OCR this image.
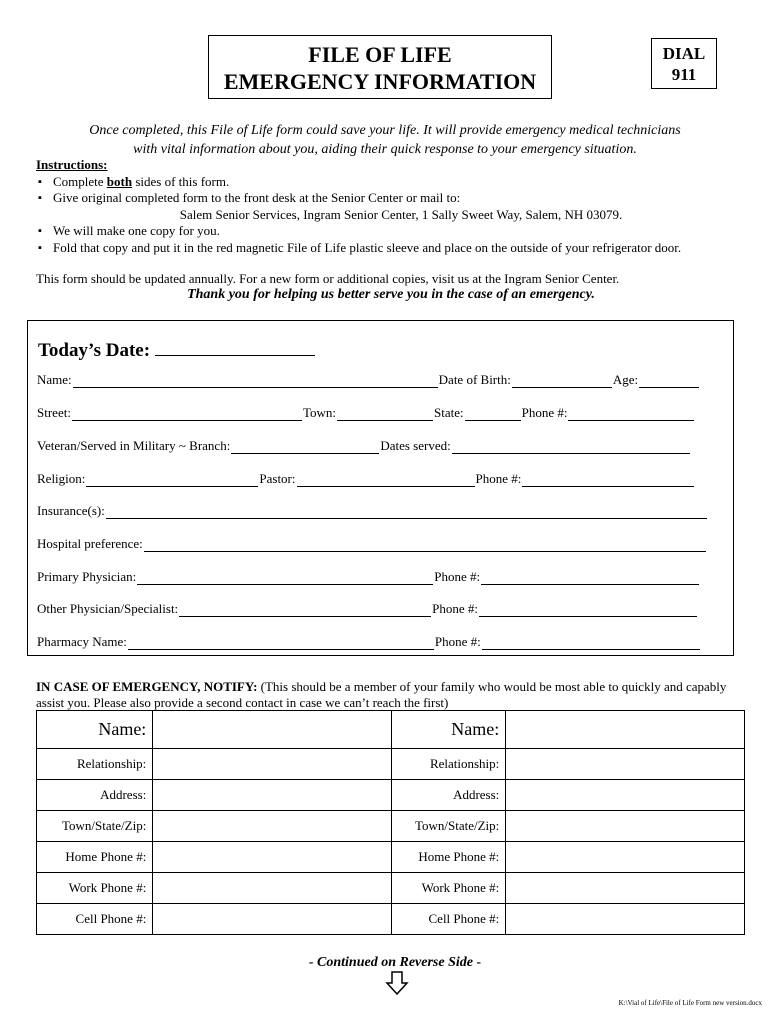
FILE OF LIFE
EMERGENCY INFORMATION
DIAL
911
Once completed, this File of Life form could save your life. It will provide emergency medical technicians
with vital information about you, aiding their quick response to your emergency situation.
Instructions:
▪ Complete both sides of this form.
▪ Give original completed form to the front desk at the Senior Center or mail to:
Salem Senior Services, Ingram Senior Center, 1 Sally Sweet Way, Salem, NH 03079.
▪ We will make one copy for you.
▪ Fold that copy and put it in the red magnetic File of Life plastic sleeve and place on the outside of your refrigerator door.
This form should be updated annually. For a new form or additional copies, visit us at the Ingram Senior Center.
Thank you for helping us better serve you in the case of an emergency.
Today’s Date:
Name:	Date of Birth:	Age:
Street:	Town:	State:	Phone #:
Veteran/Served in Military ~ Branch:	Dates served:
Religion:	Pastor:	Phone #:
Insurance(s):
Hospital preference:
Primary Physician:	Phone #:
Other Physician/Specialist:	Phone #:
Pharmacy Name:	Phone #:
IN CASE OF EMERGENCY, NOTIFY: (This should be a member of your family who would be most able to quickly and capably assist you. Please also provide a second contact in case we can’t reach the first)
Name:		Name:	
Relationship:		Relationship:	
Address:		Address:	
Town/State/Zip:		Town/State/Zip:	
Home Phone #:		Home Phone #:	
Work Phone #:		Work Phone #:	
Cell Phone #:		Cell Phone #:	
- Continued on Reverse Side -
K:\Vial of Life\File of Life Form new version.docx
